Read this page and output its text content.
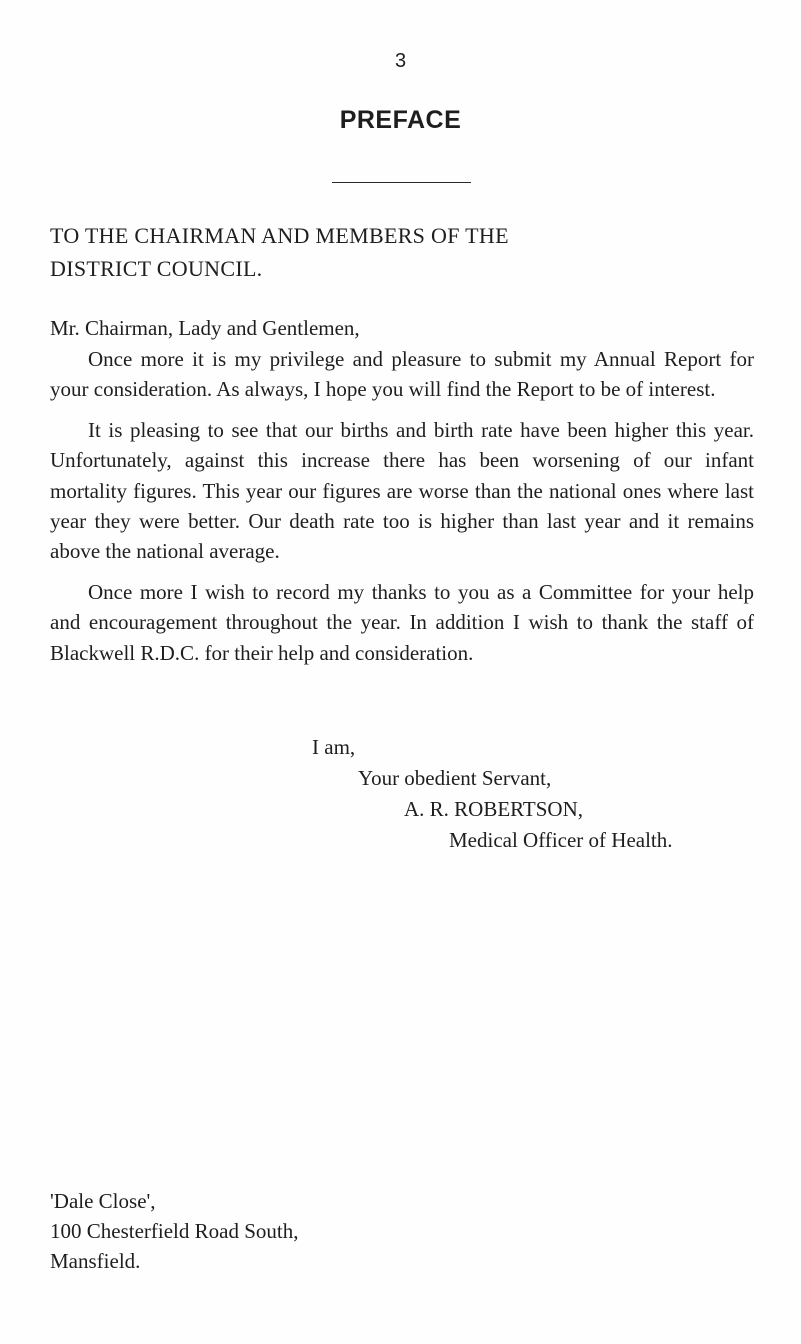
3
PREFACE
TO THE CHAIRMAN AND MEMBERS OF THE
DISTRICT COUNCIL.
Mr. Chairman, Lady and Gentlemen,

Once more it is my privilege and pleasure to submit my Annual Report for your consideration. As always, I hope you will find the Report to be of interest.

It is pleasing to see that our births and birth rate have been higher this year. Unfortunately, against this increase there has been worsening of our infant mortality figures. This year our figures are worse than the national ones where last year they were better. Our death rate too is higher than last year and it remains above the national average.

Once more I wish to record my thanks to you as a Committee for your help and encouragement throughout the year. In addition I wish to thank the staff of Blackwell R.D.C. for their help and consideration.

I am,
Your obedient Servant,
A. R. ROBERTSON,
Medical Officer of Health.
'Dale Close',
100 Chesterfield Road South,
Mansfield.
